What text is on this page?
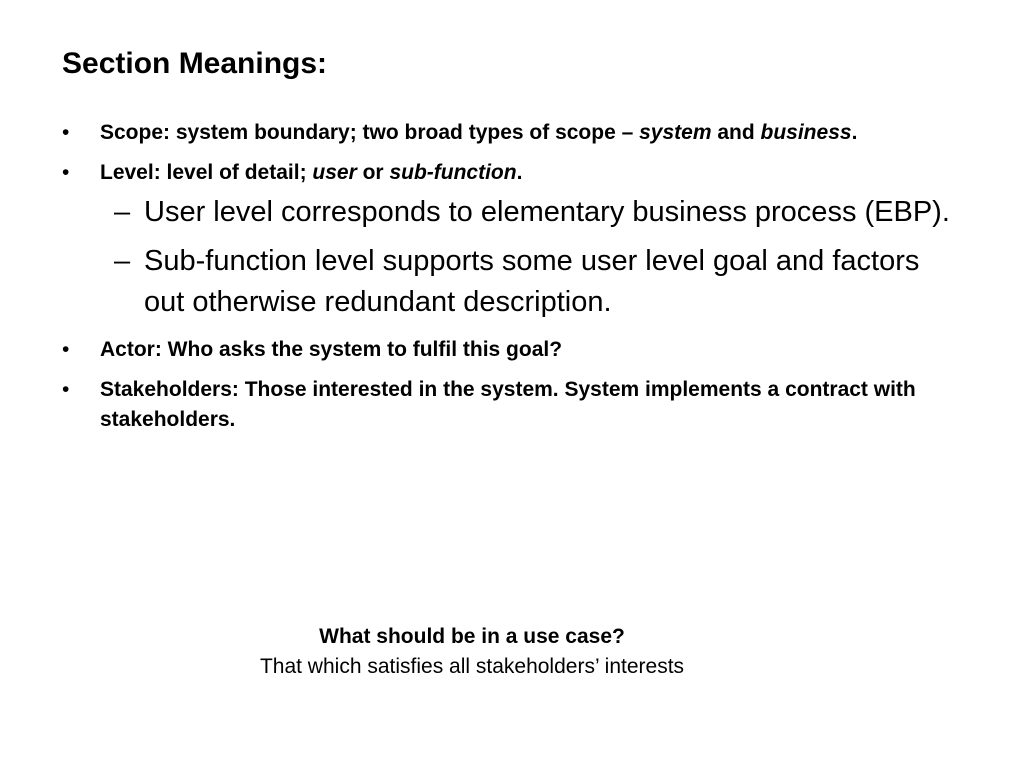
Section Meanings:
• Scope: system boundary; two broad types of scope – system and business.
• Level: level of detail; user or sub-function.
– User level corresponds to elementary business process (EBP).
– Sub-function level supports some user level goal and factors out otherwise redundant description.
• Actor: Who asks the system to fulfil this goal?
• Stakeholders: Those interested in the system. System implements a contract with stakeholders.
What should be in a use case?
That which satisfies all stakeholders’ interests
